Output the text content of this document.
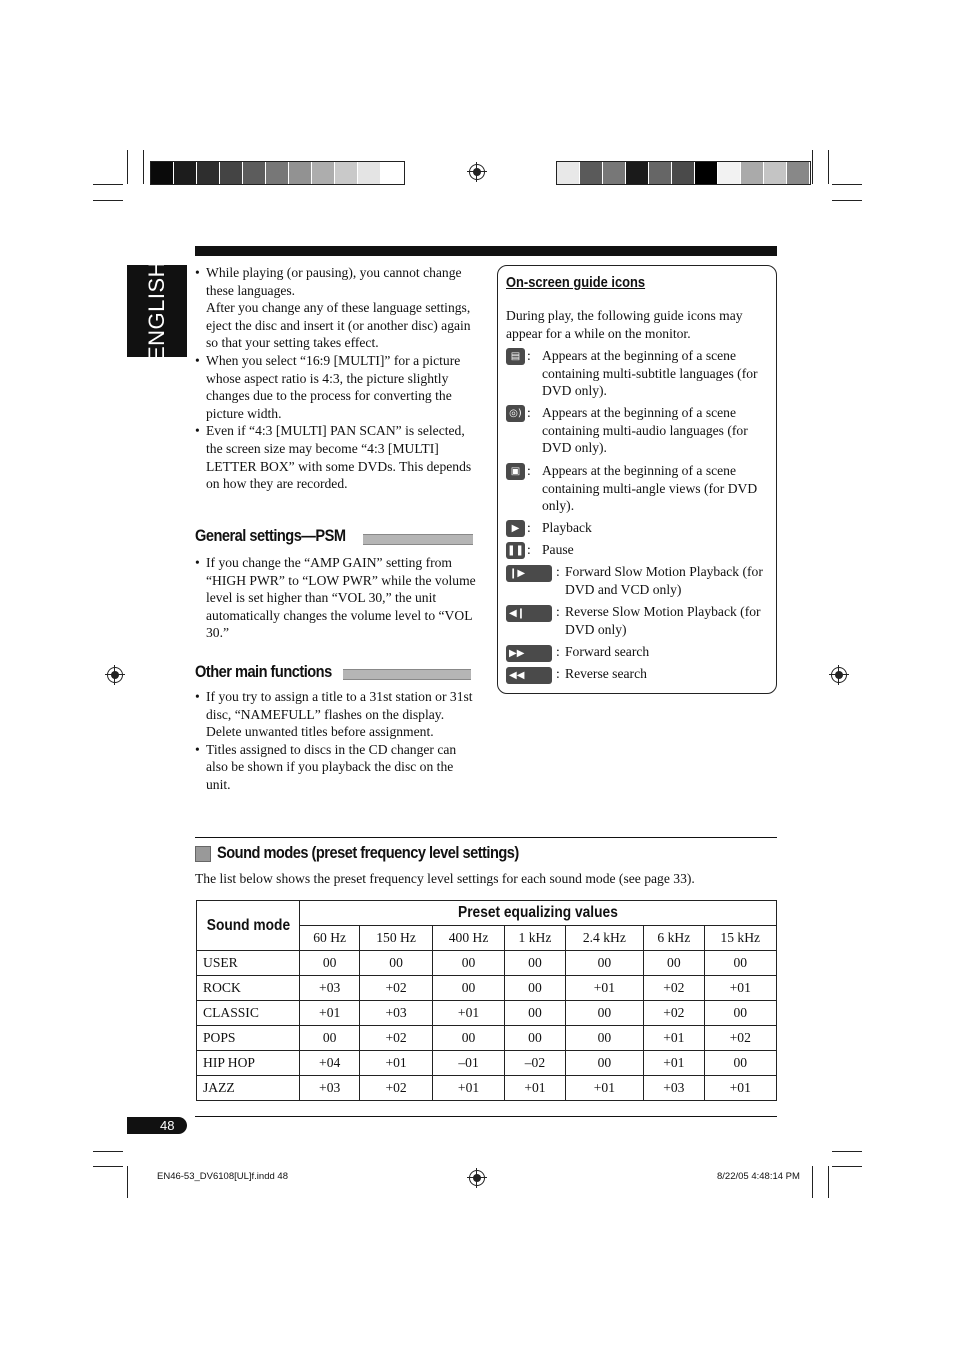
ENGLISH	• While playing (or pausing), you cannot change these languages.
After you change any of these language settings, eject the disc and insert it (or another disc) again so that your setting takes effect.
• When you select “16:9 [MULTI]” for a picture whose aspect ratio is 4:3, the picture slightly changes due to the process for converting the picture width.
• Even if “4:3 [MULTI] PAN SCAN” is selected, the screen size may become “4:3 [MULTI] LETTER BOX” with some DVDs. This depends on how they are recorded.
General settings—PSM
• If you change the “AMP GAIN” setting from “HIGH PWR” to “LOW PWR” while the volume level is set higher than “VOL 30,” the unit automatically changes the volume level to “VOL 30.”
Other main functions
• If you try to assign a title to a 31st station or 31st disc, “NAMEFULL” flashes on the display. Delete unwanted titles before assignment.
• Titles assigned to discs in the CD changer can also be shown if you playback the disc on the unit.
On-screen guide icons
During play, the following guide icons may appear for a while on the monitor.
▤ : Appears at the beginning of a scene containing multi-subtitle languages (for DVD only).
◎) : Appears at the beginning of a scene containing multi-audio languages (for DVD only).
▣ : Appears at the beginning of a scene containing multi-angle views (for DVD only).
▶ : Playback
❚❚ : Pause
❙▶	: Forward Slow Motion Playback (for DVD and VCD only)
◀❙	: Reverse Slow Motion Playback (for DVD only)
▶▶	: Forward search
◀◀	: Reverse search
Sound modes (preset frequency level settings)
The list below shows the preset frequency level settings for each sound mode (see page 33).
Sound mode	Preset equalizing values						
	60 Hz	150 Hz	400 Hz	1 kHz	2.4 kHz	6 kHz	15 kHz
USER	00	00	00	00	00	00	00
ROCK	+03	+02	00	00	+01	+02	+01
CLASSIC	+01	+03	+01	00	00	+02	00
POPS	00	+02	00	00	00	+01	+02
HIP HOP	+04	+01	–01	–02	00	+01	00
JAZZ	+03	+02	+01	+01	+01	+03	+01
48
EN46-53_DV6108[UL]f.indd 48	8/22/05 4:48:14 PM
